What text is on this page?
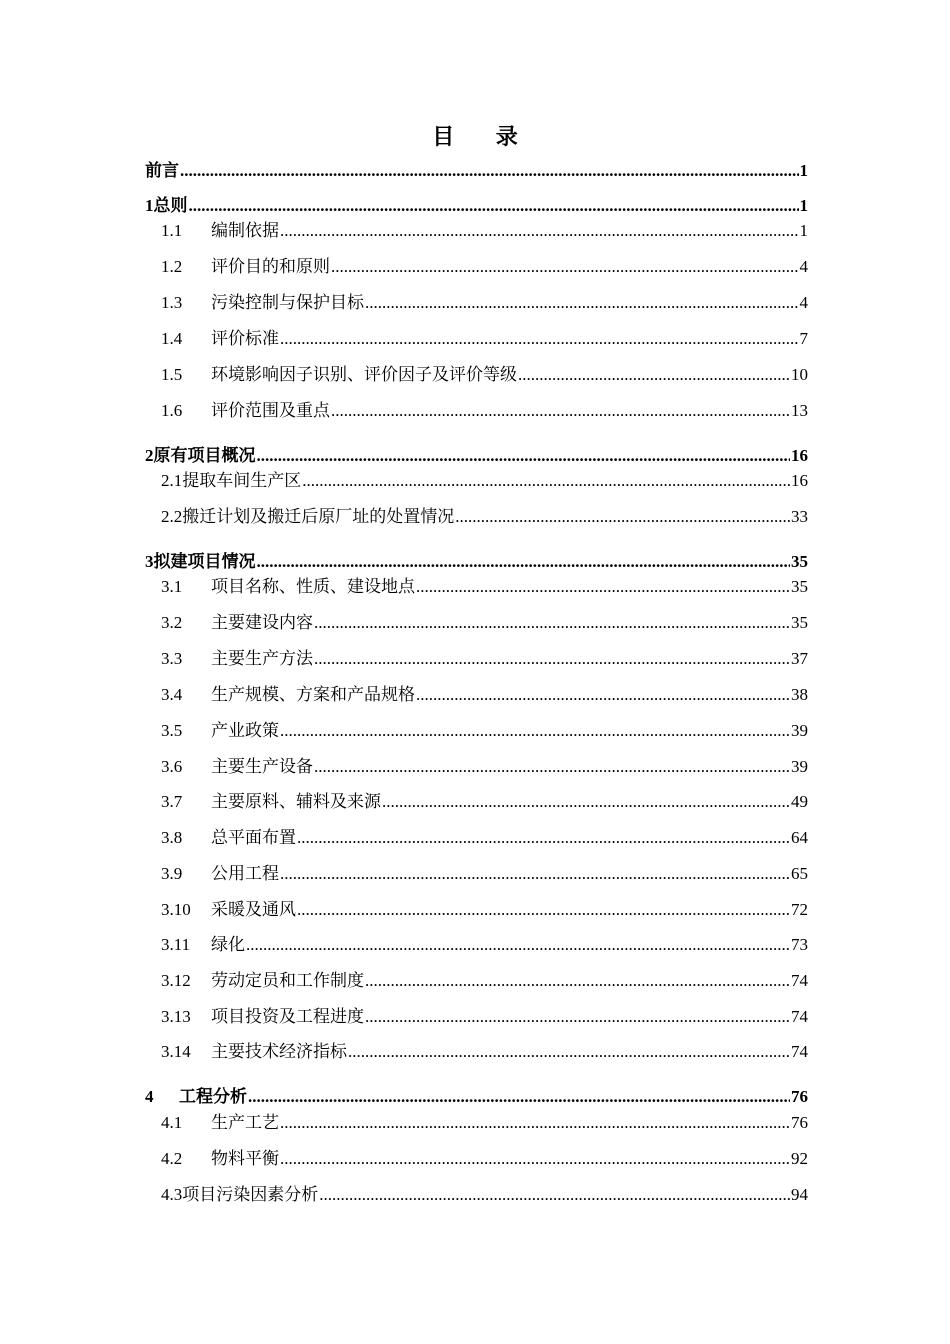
目 录
前言 .....	1
1 总则 .....	1
1.1	编制依据 .....	1
1.2	评价目的和原则 .....	4
1.3	污染控制与保护目标 .....	4
1.4	评价标准 .....	7
1.5	环境影响因子识别、评价因子及评价等级 .....	10
1.6	评价范围及重点 .....	13
2 原有项目概况 .....	16
2.1 提取车间生产区 .....	16
2.2 搬迁计划及搬迁后原厂址的处置情况 .....	33
3 拟建项目情况 .....	35
3.1	项目名称、性质、建设地点 .....	35
3.2	主要建设内容 .....	35
3.3	主要生产方法 .....	37
3.4	生产规模、方案和产品规格 .....	38
3.5	产业政策 .....	39
3.6	主要生产设备 .....	39
3.7	主要原料、辅料及来源 .....	49
3.8	总平面布置 .....	64
3.9	公用工程 .....	65
3.10	采暖及通风 .....	72
3.11	绿化 .....	73
3.12	劳动定员和工作制度 .....	74
3.13	项目投资及工程进度 .....	74
3.14	主要技术经济指标 .....	74
4	工程分析 .....	76
4.1	生产工艺 .....	76
4.2	物料平衡 .....	92
4.3 项目污染因素分析 .....	94
